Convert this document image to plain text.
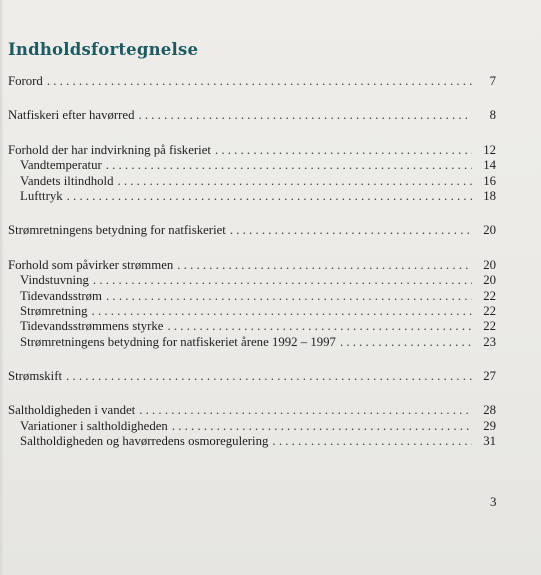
Indholdsfortegnelse
Forord . . .	7
Natfiskeri efter havørred . . .	8
Forhold der har indvirkning på fiskeriet . . .	12
Vandtemperatur . . .	14
Vandets iltindhold . . .	16
Lufttryk . . .	18
Strømretningens betydning for natfiskeriet . . .	20
Forhold som påvirker strømmen . . .	20
Vindstuvning . . .	20
Tidevandsstrøm . . .	22
Strømretning . . .	22
Tidevandsstrømmens styrke . . .	22
Strømretningens betydning for natfiskeriet årene 1992 – 1997 . . .	23
Strømskift . . .	27
Saltholdigheden i vandet . . .	28
Variationer i saltholdigheden . . .	29
Saltholdigheden og havørredens osmoregulering . . .	31
3
